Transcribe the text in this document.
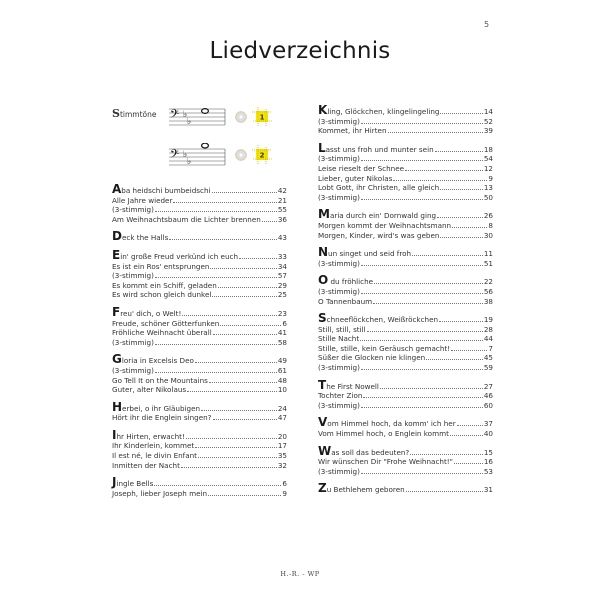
5
Liedverzeichnis
Stimmtöne 𝄢 ♭
♭	1
𝄢 ♭
♭
2
Aba heidschi bumbeidschi	42
Alle Jahre wieder	21
(3-stimmig)	55
Am Weihnachtsbaum die Lichter brennen 36
Deck the Halls	43
Ein' große Freud verkünd ich euch	33
Es ist ein Ros' entsprungen	34
(3-stimmig)	57
Es kommt ein Schiff, geladen	29
Es wird schon gleich dunkel	25
Freu' dich, o Welt!	23
Freude, schöner Götterfunken	6
Fröhliche Weihnacht überall	41
(3-stimmig)	58
Gloria in Excelsis Deo	49
(3-stimmig)	61
Go Tell It on the Mountains	48
Guter, alter Nikolaus	10
Herbei, o ihr Gläubigen	24
Hört ihr die Englein singen?	47
Ihr Hirten, erwacht!	20
Ihr Kinderlein, kommet	17
Il est né, le divin Enfant	35
Inmitten der Nacht	32
Jingle Bells	6
Joseph, lieber Joseph mein	9
Kling, Glöckchen, klingelingeling	14
(3-stimmig)	52
Kommet, ihr Hirten	39
Lasst uns froh und munter sein	18
(3-stimmig)	54
Leise rieselt der Schnee	12
Lieber, guter Nikolas	9
Lobt Gott, ihr Christen, alle gleich	13
(3-stimmig)	50
Maria durch ein' Dornwald ging	26
Morgen kommt der Weihnachtsmann	8
Morgen, Kinder, wird's was geben	30
Nun singet und seid froh	11
(3-stimmig)	51
O du fröhliche	22
(3-stimmig)	56
O Tannenbaum	38
Schneeflöckchen, Weißröckchen	19
Still, still, still	28
Stille Nacht	44
Stille, stille, kein Geräusch gemacht!	7
Süßer die Glocken nie klingen	45
(3-stimmig)	59
The First Nowell	27
Tochter Zion	46
(3-stimmig)	60
Vom Himmel hoch, da komm' ich her	37
Vom Himmel hoch, o Englein kommt	40
Was soll das bedeuten?	15
Wir wünschen Dir "Frohe Weihnacht!"	16
(3-stimmig)	53
Zu Bethlehem geboren	31
H.-R. - WP
